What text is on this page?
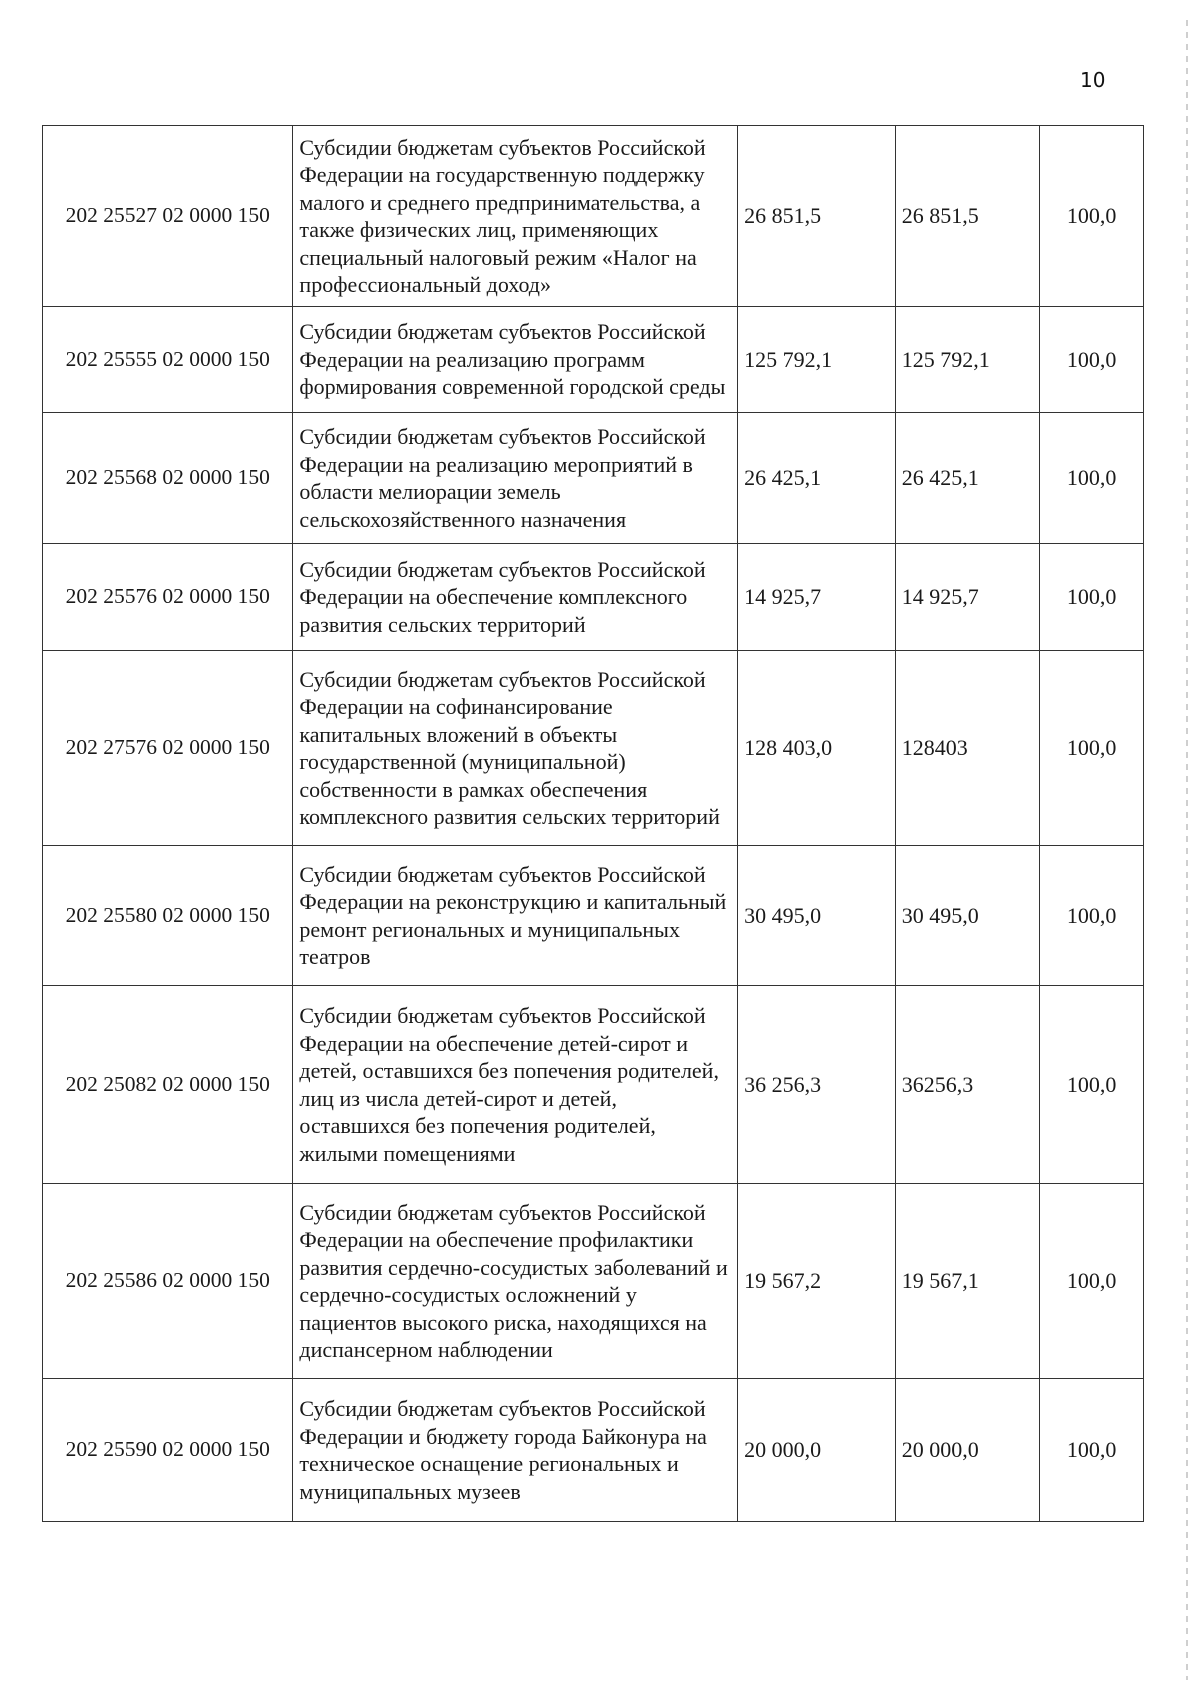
10
202 25527 02 0000 150	Субсидии бюджетам субъектов Российской Федерации на государственную поддержку малого и среднего предпринимательства, а также физических лиц, применяющих специальный налоговый режим «Налог на профессиональный доход»	26 851,5	26 851,5	100,0
202 25555 02 0000 150	Субсидии бюджетам субъектов Российской Федерации на реализацию программ формирования современной городской среды	125 792,1	125 792,1	100,0
202 25568 02 0000 150	Субсидии бюджетам субъектов Российской Федерации на реализацию мероприятий в области мелиорации земель сельскохозяйственного назначения	26 425,1	26 425,1	100,0
202 25576 02 0000 150	Субсидии бюджетам субъектов Российской Федерации на обеспечение комплексного развития сельских территорий	14 925,7	14 925,7	100,0
202 27576 02 0000 150	Субсидии бюджетам субъектов Российской Федерации на софинансирование капитальных вложений в объекты государственной (муниципальной) собственности в рамках обеспечения комплексного развития сельских территорий	128 403,0	128403	100,0
202 25580 02 0000 150	Субсидии бюджетам субъектов Российской Федерации на реконструкцию и капитальный ремонт региональных и муниципальных театров	30 495,0	30 495,0	100,0
202 25082 02 0000 150	Субсидии бюджетам субъектов Российской Федерации на обеспечение детей-сирот и детей, оставшихся без попечения родителей, лиц из числа детей-сирот и детей, оставшихся без попечения родителей, жилыми помещениями	36 256,3	36256,3	100,0
202 25586 02 0000 150	Субсидии бюджетам субъектов Российской Федерации на обеспечение профилактики развития сердечно-сосудистых заболеваний и сердечно-сосудистых осложнений у пациентов высокого риска, находящихся на диспансерном наблюдении	19 567,2	19 567,1	100,0
202 25590 02 0000 150	Субсидии бюджетам субъектов Российской Федерации и бюджету города Байконура на техническое оснащение региональных и муниципальных музеев	20 000,0	20 000,0	100,0
